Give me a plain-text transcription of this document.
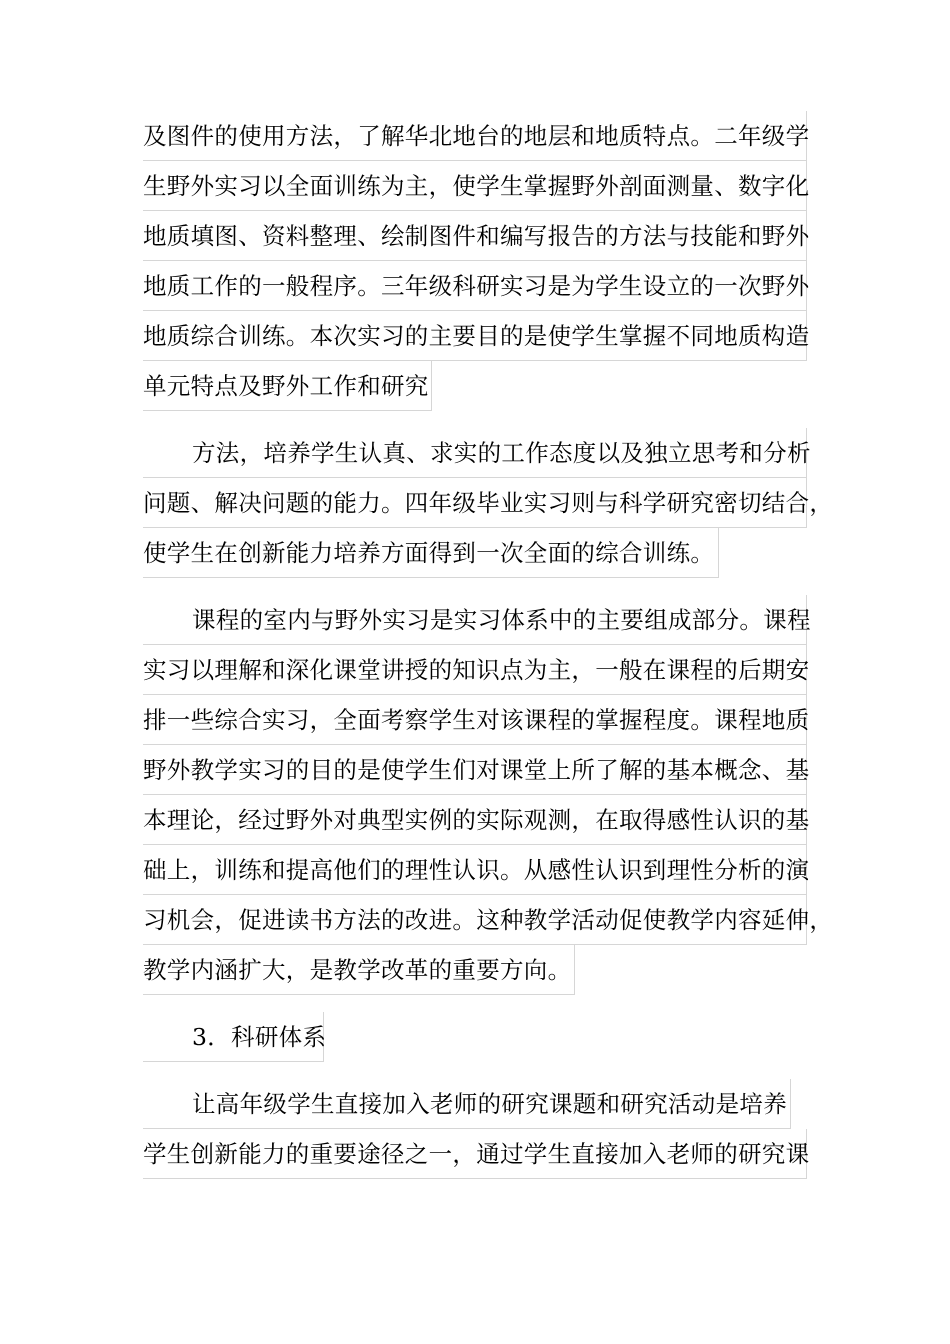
及图件的使用方法，了解华北地台的地层和地质特点。二年级学
生野外实习以全面训练为主，使学生掌握野外剖面测量、数字化
地质填图、资料整理、绘制图件和编写报告的方法与技能和野外
地质工作的一般程序。三年级科研实习是为学生设立的一次野外
地质综合训练。本次实习的主要目的是使学生掌握不同地质构造
单元特点及野外工作和研究
方法，培养学生认真、求实的工作态度以及独立思考和分析
问题、解决问题的能力。四年级毕业实习则与科学研究密切结合，
使学生在创新能力培养方面得到一次全面的综合训练。
课程的室内与野外实习是实习体系中的主要组成部分。课程
实习以理解和深化课堂讲授的知识点为主，一般在课程的后期安
排一些综合实习，全面考察学生对该课程的掌握程度。课程地质
野外教学实习的目的是使学生们对课堂上所了解的基本概念、基
本理论，经过野外对典型实例的实际观测，在取得感性认识的基
础上，训练和提高他们的理性认识。从感性认识到理性分析的演
习机会，促进读书方法的改进。这种教学活动促使教学内容延伸，
教学内涵扩大，是教学改革的重要方向。
3．科研体系
让高年级学生直接加入老师的研究课题和研究活动是培养
学生创新能力的重要途径之一，通过学生直接加入老师的研究课
